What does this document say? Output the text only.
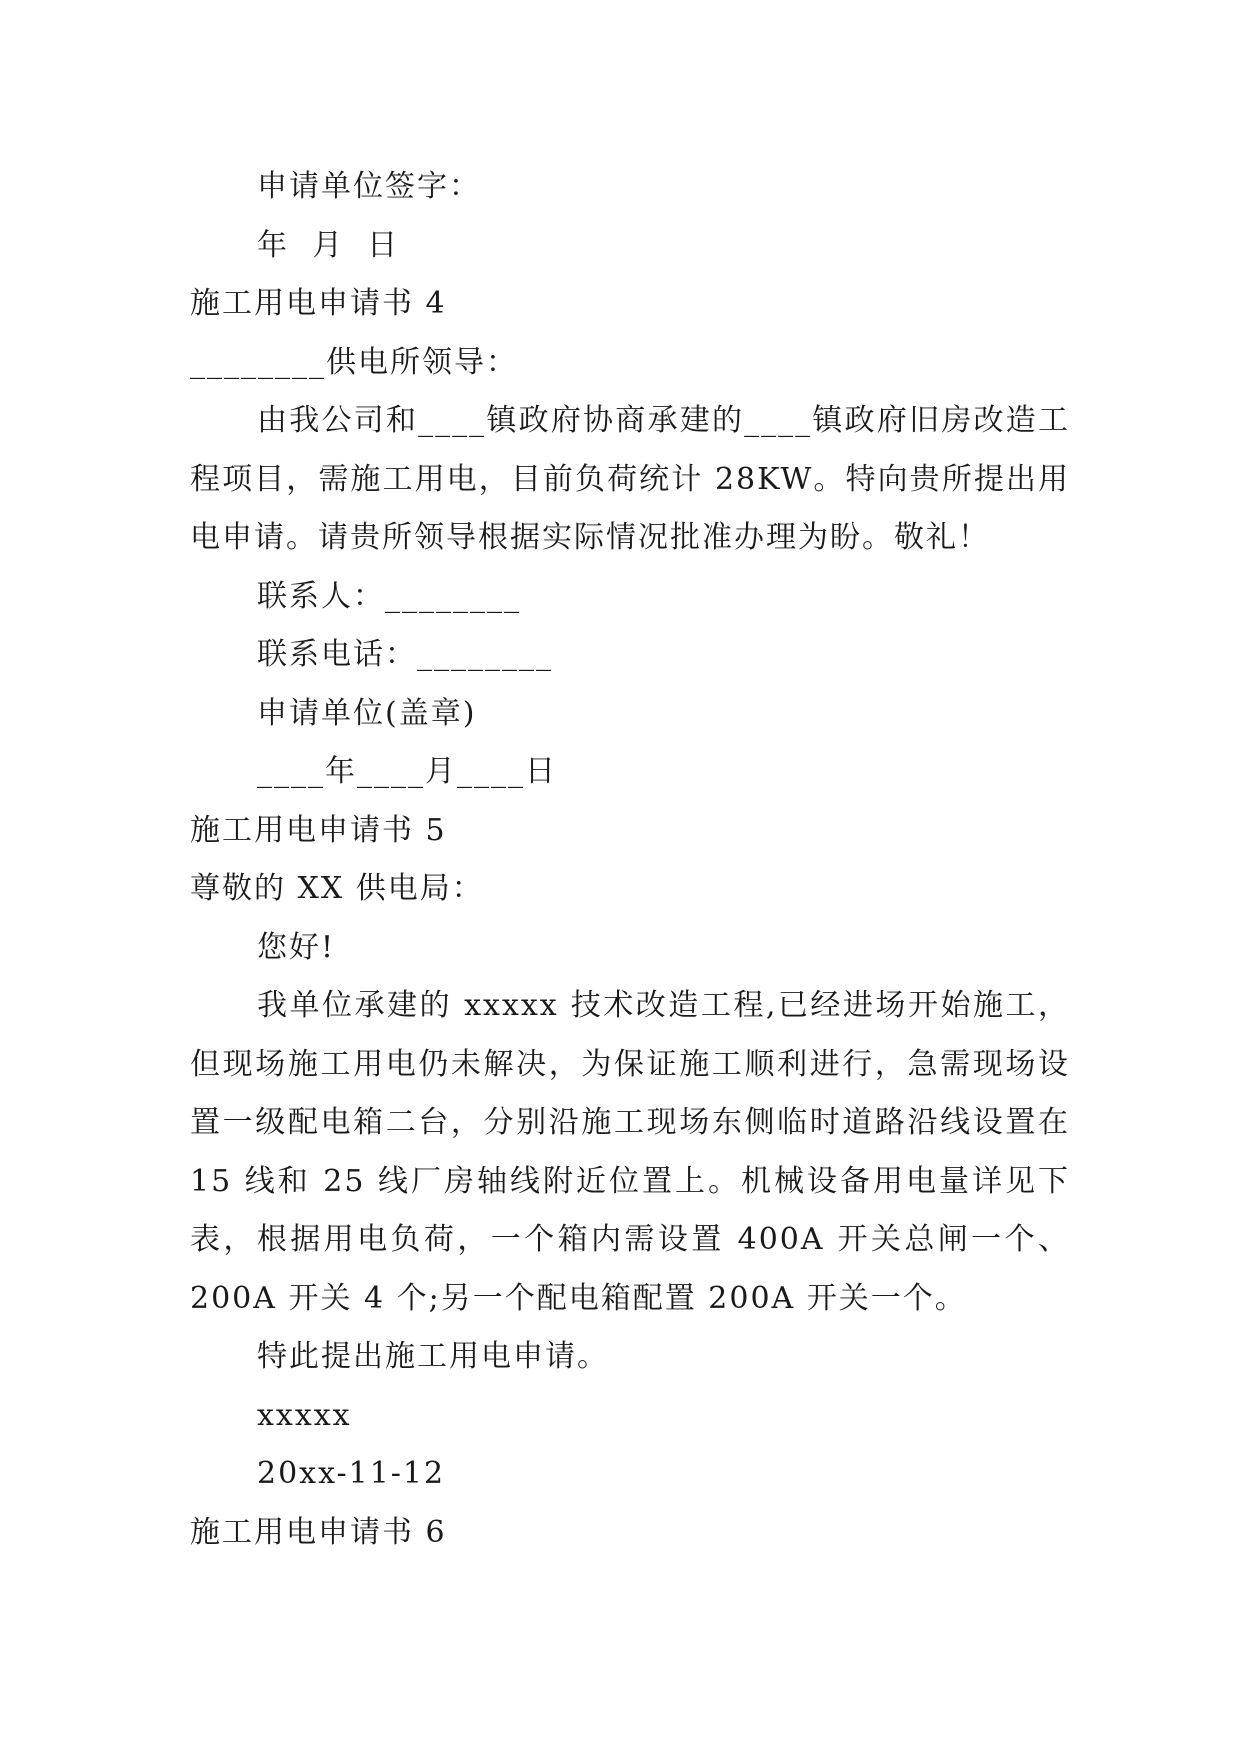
申请单位签字：
年  月  日
施工用电申请书 4
________供电所领导：

由我公司和____镇政府协商承建的____镇政府旧房改造工程项目，需施工用电，目前负荷统计 28KW。特向贵所提出用电申请。请贵所领导根据实际情况批准办理为盼。敬礼！

联系人：________
联系电话：________
申请单位(盖章)
____年____月____日
施工用电申请书 5
尊敬的 XX 供电局：
您好!

我单位承建的 xxxxx 技术改造工程,已经进场开始施工，但现场施工用电仍未解决，为保证施工顺利进行，急需现场设置一级配电箱二台，分别沿施工现场东侧临时道路沿线设置在 15 线和 25 线厂房轴线附近位置上。机械设备用电量详见下表，根据用电负荷，一个箱内需设置 400A 开关总闸一个、200A 开关 4 个;另一个配电箱配置 200A 开关一个。

特此提出施工用电申请。
xxxxx
20xx-11-12
施工用电申请书 6
